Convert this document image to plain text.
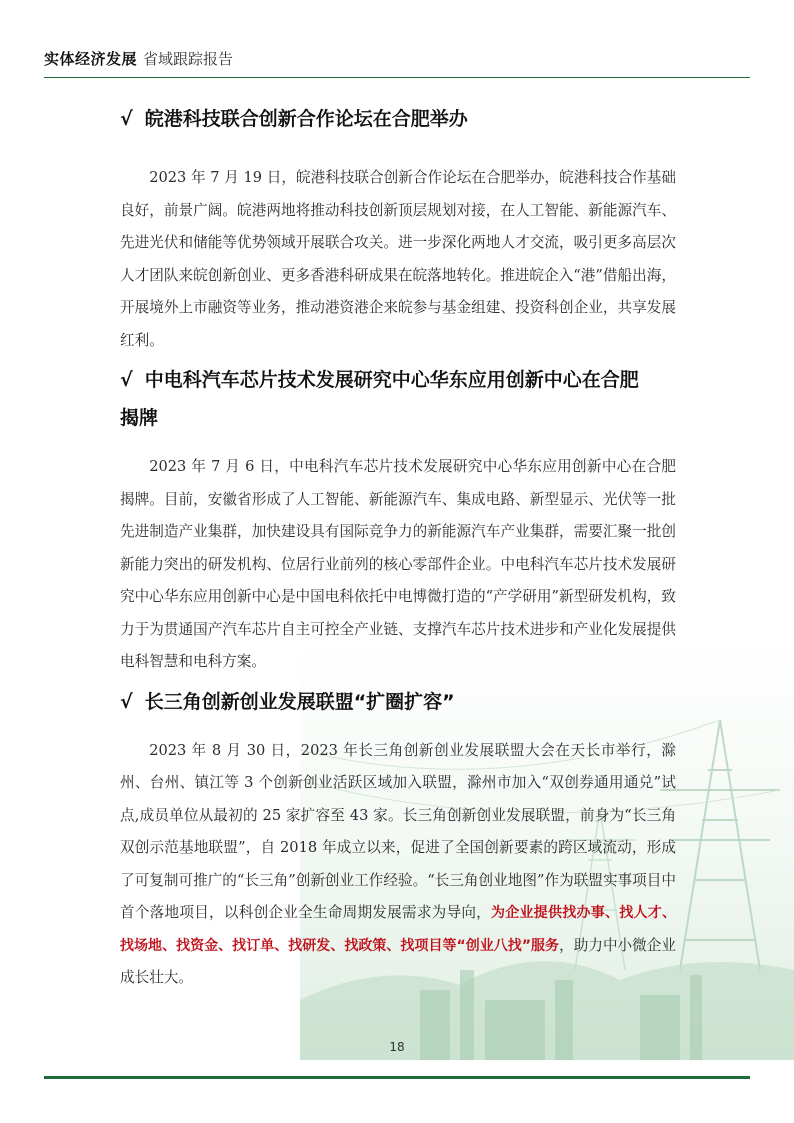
实体经济发展 省域跟踪报告
√ 皖港科技联合创新合作论坛在合肥举办

2023 年 7 月 19 日，皖港科技联合创新合作论坛在合肥举办，皖港科技合作基础良好，前景广阔。皖港两地将推动科技创新顶层规划对接，在人工智能、新能源汽车、先进光伏和储能等优势领域开展联合攻关。进一步深化两地人才交流，吸引更多高层次人才团队来皖创新创业、更多香港科研成果在皖落地转化。推进皖企入“港”借船出海，开展境外上市融资等业务，推动港资港企来皖参与基金组建、投资科创企业，共享发展红利。

√ 中电科汽车芯片技术发展研究中心华东应用创新中心在合肥
揭牌

2023 年 7 月 6 日，中电科汽车芯片技术发展研究中心华东应用创新中心在合肥揭牌。目前，安徽省形成了人工智能、新能源汽车、集成电路、新型显示、光伏等一批先进制造产业集群，加快建设具有国际竞争力的新能源汽车产业集群，需要汇聚一批创新能力突出的研发机构、位居行业前列的核心零部件企业。中电科汽车芯片技术发展研究中心华东应用创新中心是中国电科依托中电博微打造的“产学研用”新型研发机构，致力于为贯通国产汽车芯片自主可控全产业链、支撑汽车芯片技术进步和产业化发展提供电科智慧和电科方案。

√ 长三角创新创业发展联盟“扩圈扩容”

2023 年 8 月 30 日，2023 年长三角创新创业发展联盟大会在天长市举行，滁州、台州、镇江等 3 个创新创业活跃区域加入联盟，滁州市加入“双创券通用通兑”试点,成员单位从最初的 25 家扩容至 43 家。长三角创新创业发展联盟，前身为“长三角双创示范基地联盟”，自 2018 年成立以来，促进了全国创新要素的跨区域流动，形成了可复制可推广的“长三角”创新创业工作经验。“长三角创业地图”作为联盟实事项目中首个落地项目，以科创企业全生命周期发展需求为导向，为企业提供找办事、找人才、找场地、找资金、找订单、找研发、找政策、找项目等“创业八找”服务，助力中小微企业成长壮大。

18
